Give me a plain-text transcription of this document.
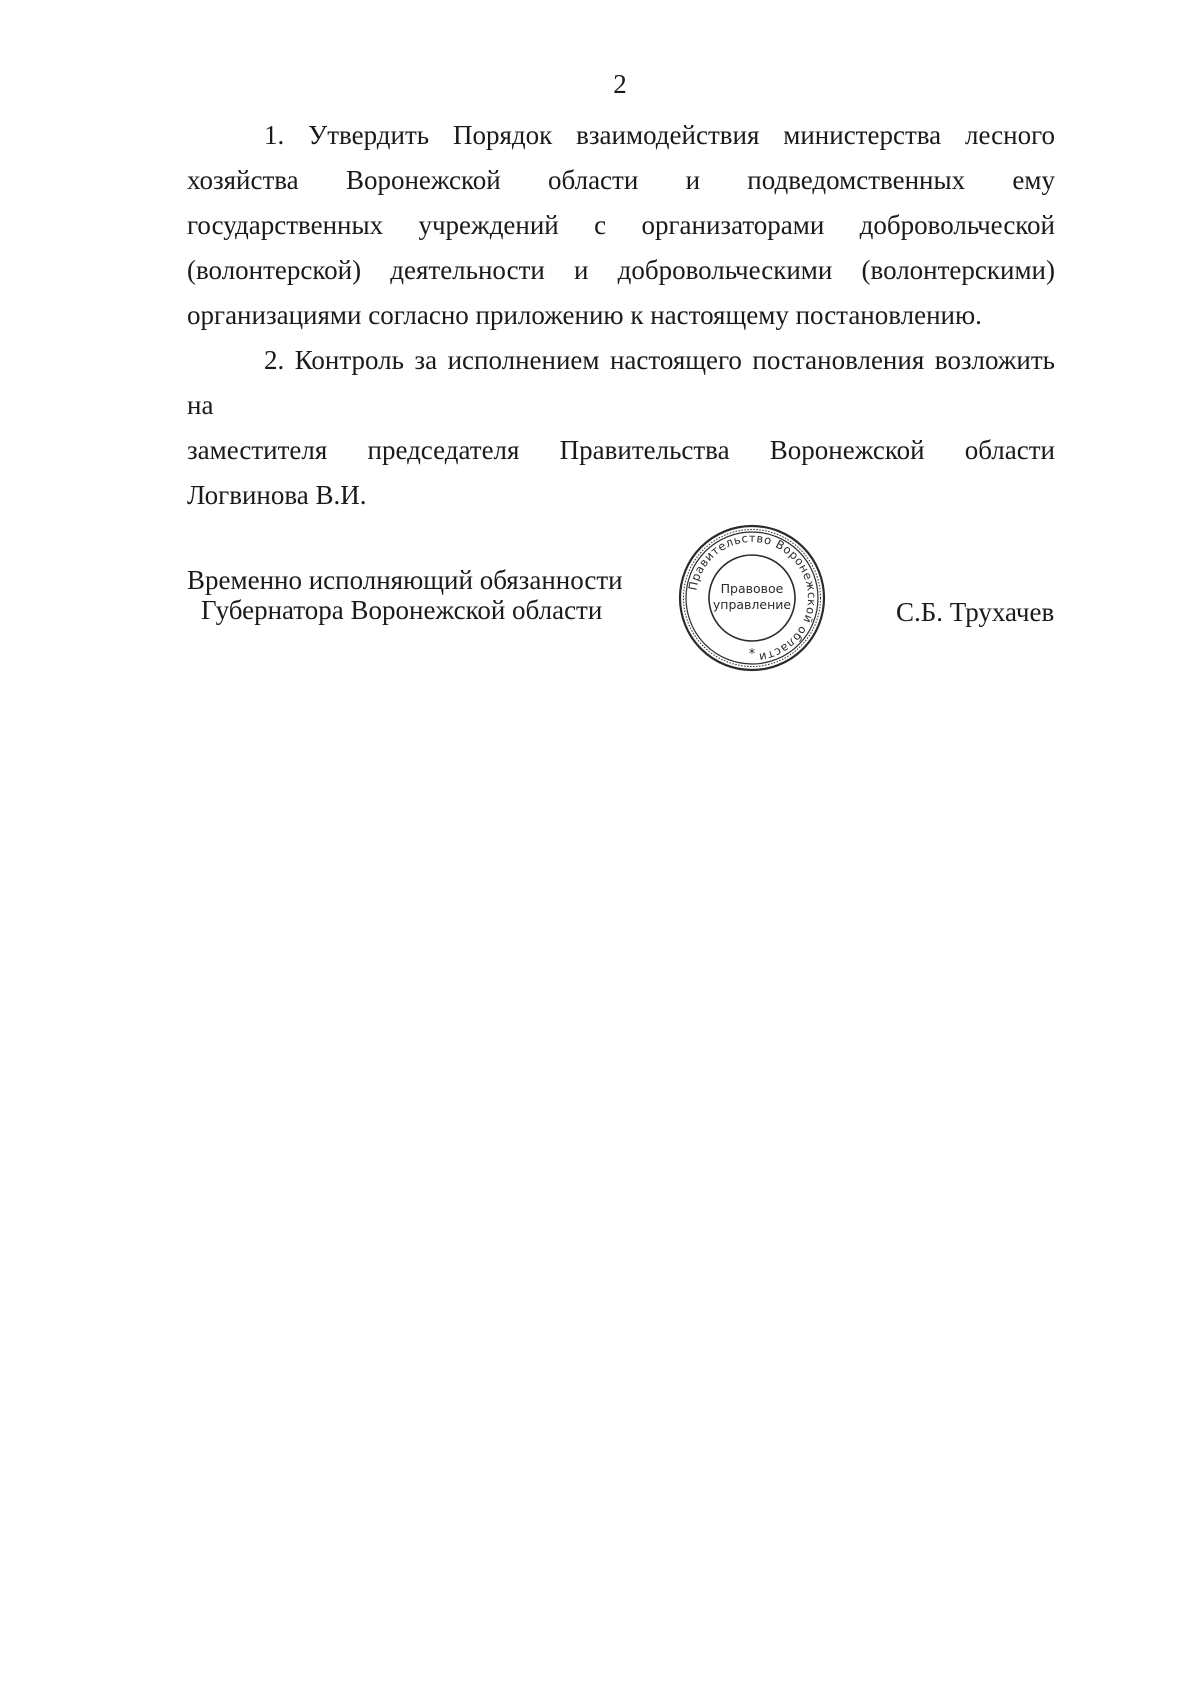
2

1. Утвердить Порядок взаимодействия министерства лесного

хозяйства Воронежской области и подведомственных ему государственных учреждений с организаторами добровольческой (волонтерской) деятельности и добровольческими (волонтерскими) организациями согласно приложению к настоящему постановлению.

2. Контроль за исполнением настоящего постановления возложить на

заместителя председателя Правительства Воронежской области

Логвинова В.И.

Временно исполняющий обязанности
Губернатора Воронежской области
Правительство Воронежской области
Правовое
управление
*
С.Б. Трухачев
